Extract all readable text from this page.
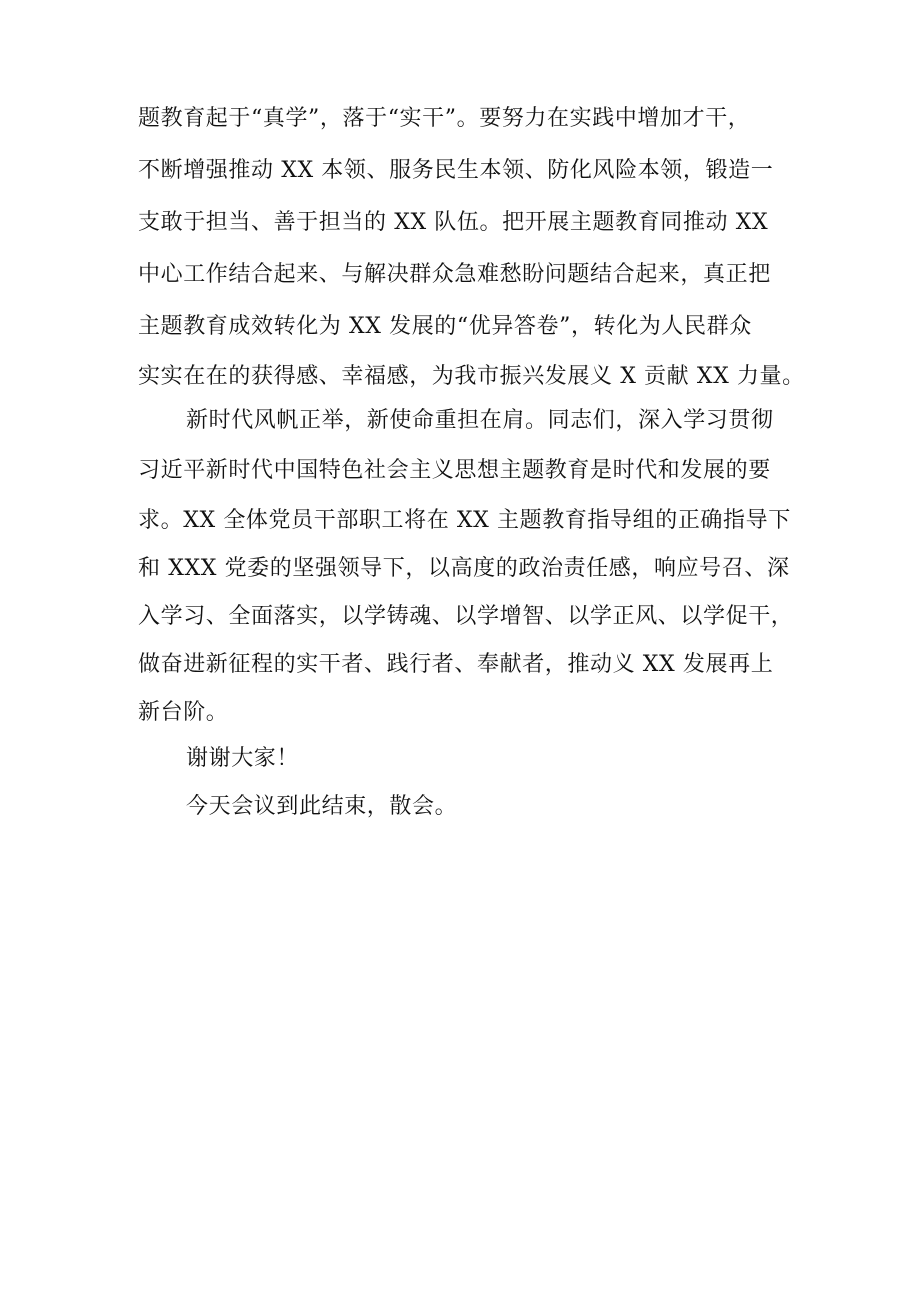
题教育起于“真学”，落于“实干”。要努力在实践中增加才干，
不断增强推动 XX 本领、服务民生本领、防化风险本领，锻造一
支敢于担当、善于担当的 XX 队伍。把开展主题教育同推动 XX
中心工作结合起来、与解决群众急难愁盼问题结合起来，真正把
主题教育成效转化为 XX 发展的“优异答卷”，转化为人民群众
实实在在的获得感、幸福感，为我市振兴发展义 X 贡献 XX 力量。
新时代风帆正举，新使命重担在肩。同志们，深入学习贯彻
习近平新时代中国特色社会主义思想主题教育是时代和发展的要
求。XX 全体党员干部职工将在 XX 主题教育指导组的正确指导下
和 XXX 党委的坚强领导下，以高度的政治责任感，响应号召、深
入学习、全面落实，以学铸魂、以学增智、以学正风、以学促干，
做奋进新征程的实干者、践行者、奉献者，推动义 XX 发展再上
新台阶。
谢谢大家！
今天会议到此结束，散会。
